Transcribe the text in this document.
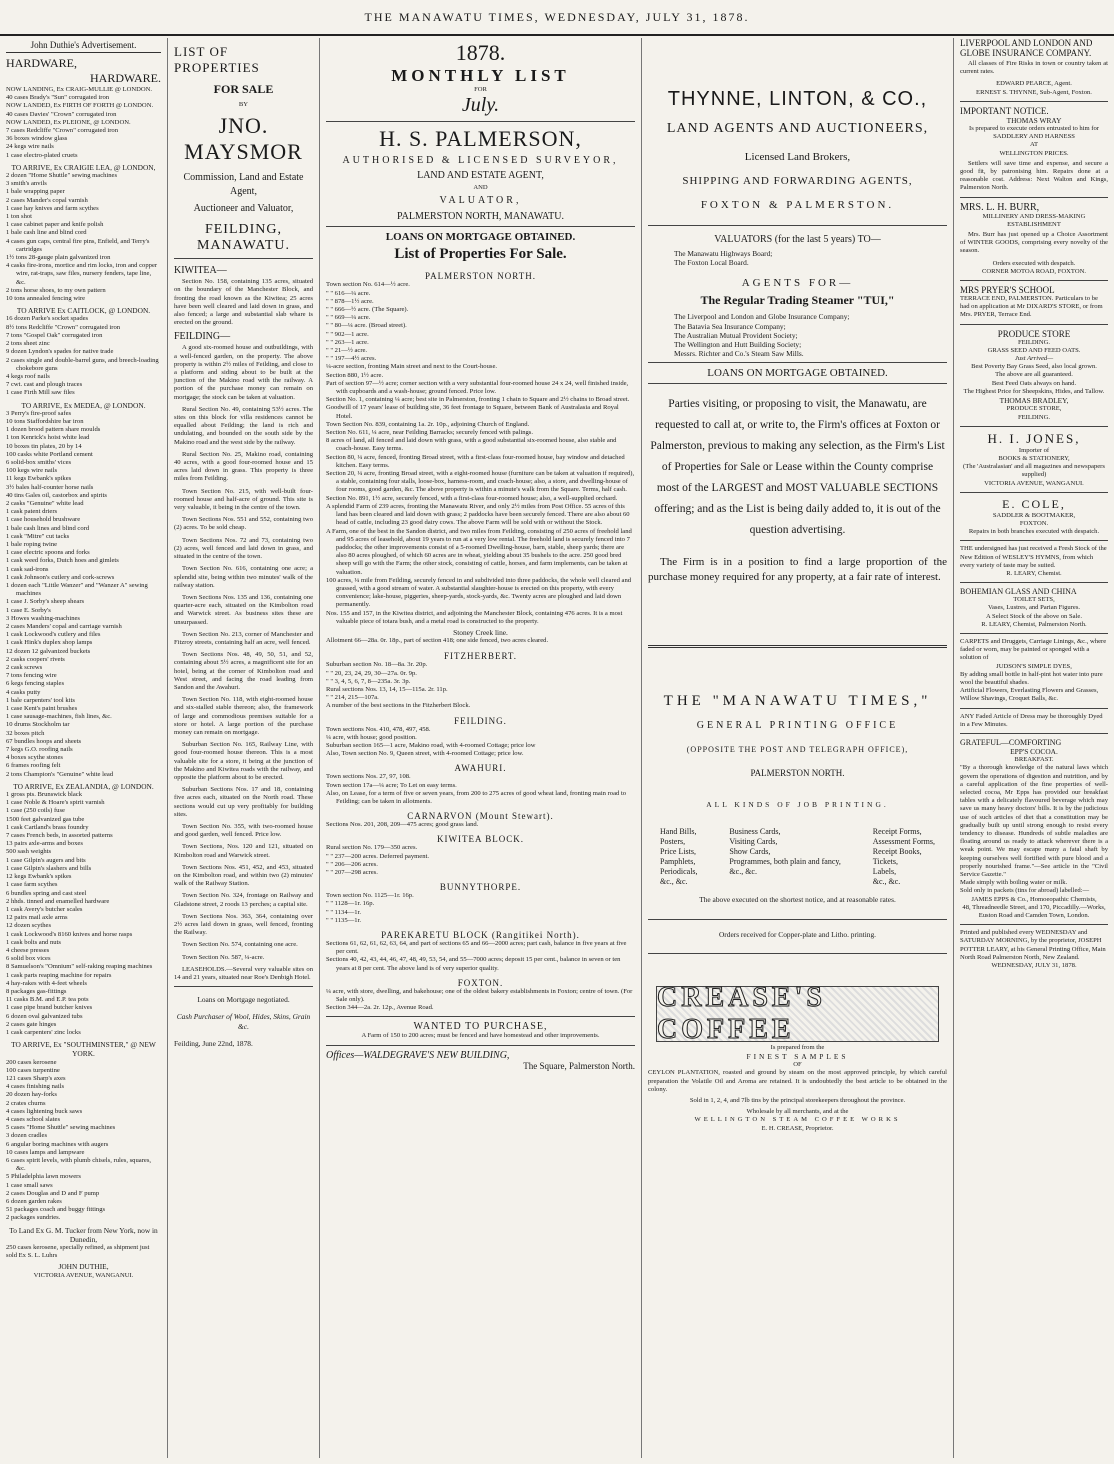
THE MANAWATU TIMES, WEDNESDAY, JULY 31, 1878.
John Duthie's Advertisement.
HARDWARE,
HARDWARE.

NOW LANDING, Ex CRAIG-MULLIE @ LONDON.

40 cases Brady's "Sun" corrugated iron

NOW LANDED, Ex FIRTH OF FORTH @ LONDON.

40 cases Davies' "Crown" corrugated iron

NOW LANDED, Ex PLEIONE, @ LONDON.

7 cases Redcliffe "Crown" corrugated iron

36 boxes window glass

24 kegs wire nails

1 case electro-plated cruets

TO ARRIVE, Ex CRAIGIE LEA, @ LONDON,

2 dozen "Home Shuttle" sewing machines

3 smith's anvils

1 bale wrapping paper

2 cases Mander's copal varnish

1 case hay knives and farm scythes

1 ton shot

1 case cabinet paper and knife polish

1 bale cash line and blind cord

4 cases gun caps, central fire pins, Enfield, and Terry's cartridges

1½ tons 28-gauge plain galvanized iron

4 casks fire-irons, mortice and rim locks, iron and copper wire, rat-traps, saw files, nursery fenders, tape line, &c.

2 tons horse shoes, to my own pattern

10 tons annealed fencing wire

TO ARRIVE Ex CAITLOCK, @ LONDON.

16 dozen Parke's socket spades

8½ tons Redcliffe "Crown" corrugated iron

7 tons "Gospel Oak" corrugated iron

2 tons sheet zinc

9 dozen Lyndon's spades for native trade

2 cases single and double-barrel guns, and breech-loading chokebore guns

4 kegs roof nails

7 cwt. cast and plough traces

1 case Firth Mill saw files

TO ARRIVE, Ex MEDEA, @ LONDON.

3 Perry's fire-proof safes

10 tons Staffordshire bar iron

1 dozen brood pattern share moulds

1 ton Kenrick's hoist white lead

10 boxes tin plates, 20 by 14

100 casks white Portland cement

6 solid-box smiths' vices

100 kegs wire nails

11 kegs Ewbank's spikes

3½ bales half-counter horse nails

40 tins Gales oil, castorbox and spirits

2 casks "Genuine" white lead

1 cask patent driers

1 case household brushware

1 bale cash lines and blind cord

1 cask "Mitre" cut tacks

1 bale roping twine

1 case electric spoons and forks

1 cask weed forks, Dutch hoes and gimlets

1 cask sad-irons

1 cask Johnson's cutlery and cork-screws

1 dozen each "Little Wanzer" and "Wanzer A" sewing machines

1 case J. Sorby's sheep shears

1 case E. Sorby's

3 Howes washing-machines

2 cases Manders' copal and carriage varnish

1 cask Lockwood's cutlery and files

1 cask Hink's duplex shop lamps

12 dozen 12 galvanized buckets

2 casks coopers' rivets

2 cask screws

7 tons fencing wire

6 kegs fencing staples

4 casks putty

1 bale carpenters' tool kits

1 case Kent's paint brushes

1 case sausage-machines, fish lines, &c.

10 drums Stockholm tar

32 boxes pitch

67 bundles hoops and sheets

7 kegs G.O. roofing nails

4 boxes scythe stones

6 frames roofing felt

2 tons Champion's "Genuine" white lead

TO ARRIVE, Ex ZEALANDIA, @ LONDON.

1 gross pts. Brunswick black

1 case Noble & Hoare's spirit varnish

1 case (250 coils) fuse

1500 feet galvanized gas tube

1 cask Cartland's brass foundry

7 cases French beds, in assorted patterns

13 pairs axle-arms and boxes

500 sash weights

1 case Gilpin's augers and bits

1 case Gilpin's slashers and bills

12 kegs Ewbank's spikes

1 case farm scythes

6 bundles spring and cast steel

2 hhds. tinned and enamelled hardware

1 cask Avery's butcher scales

12 pairs mail axle arms

12 dozen scythes

1 cask Lockwood's 8160 knives and horse rasps

1 cask bolts and nuts

4 cheese presses

6 solid box vices

8 Samuelson's "Omnium" self-raking reaping machines

1 cask parts reaping machine for repairs

4 hay-rakes with 4-feet wheels

8 packages gas-fittings

11 casks B.M. and E.P. tea pots

1 case pipe brand butcher knives

6 dozen oval galvanized tubs

2 cases gate hinges

1 cask carpenters' zinc locks

TO ARRIVE, Ex "SOUTHMINSTER," @ NEW YORK.

200 cases kerosene

100 cases turpentine

121 cases Sharp's axes

4 cases finishing nails

20 dozen hay-forks

2 crates churns

4 cases lightening buck saws

4 cases school slates

5 cases "Home Shuttle" sewing machines

3 dozen cradles

6 angular boring machines with augers

10 cases lamps and lampware

6 cases spirit levels, with plumb chisels, rules, squares, &c.

5 Philadelphia lawn mowers

1 case small saws

2 cases Douglas and D and F pump

6 dozen garden rakes

51 packages coach and buggy fittings

2 packages sundries.

To Land Ex G. M. Tucker from New York, now in Dunedin,
250 cases kerosene, specially refined, as shipment just sold Ex S. L. Luhrs
JOHN DUTHIE,
VICTORIA AVENUE, WANGANUI.
LIST OF PROPERTIES
FOR SALE
BY
JNO. MAYSMOR
Commission, Land and Estate Agent,
Auctioneer and Valuator,
FEILDING, MANAWATU.
KIWITEA—

Section No. 158, containing 135 acres, situated on the boundary of the Manchester Block, and fronting the road known as the Kiwitea; 25 acres have been well cleared and laid down in grass, and also fenced; a large and substantial slab whare is erected on the ground.

FEILDING—

A good six-roomed house and outbuildings, with a well-fenced garden, on the property. The above property is within 2½ miles of Feilding, and close to a platform and siding about to be built at the junction of the Makino road with the railway. A portion of the purchase money can remain on mortgage; the stock can be taken at valuation.

Rural Section No. 49, containing 53½ acres. The sites on this block for villa residences cannot be equalled about Feilding; the land is rich and undulating, and bounded on the south side by the Makino road and the west side by the railway.

Rural Section No. 25, Makino road, containing 40 acres, with a good four-roomed house and 15 acres laid down in grass. This property is three miles from Feilding.

Town Section No. 215, with well-built four-roomed house and half-acre of ground. This site is very valuable, it being in the centre of the town.

Town Sections Nos. 551 and 552, containing two (2) acres. To be sold cheap.

Town Sections Nos. 72 and 73, containing two (2) acres, well fenced and laid down in grass, and situated in the centre of the town.

Town Section No. 616, containing one acre; a splendid site, being within two minutes' walk of the railway station.

Town Sections Nos. 135 and 136, containing one quarter-acre each, situated on the Kimbolton road and Warwick street. As business sites these are unsurpassed.

Town Section No. 213, corner of Manchester and Fitzroy streets, containing half an acre, well fenced.

Town Sections Nos. 48, 49, 50, 51, and 52, containing about 5½ acres, a magnificent site for an hotel, being at the corner of Kimbolton road and West street, and facing the road leading from Sandon and the Awahuri.

Town Section No. 118, with eight-roomed house and six-stalled stable thereon; also, the framework of large and commodious premises suitable for a store or hotel. A large portion of the purchase money can remain on mortgage.

Suburban Section No. 165, Railway Line, with good four-roomed house thereon. This is a most valuable site for a store, it being at the junction of the Makino and Kiwitea roads with the railway, and opposite the platform about to be erected.

Suburban Sections Nos. 17 and 18, containing five acres each, situated on the North road. These sections would cut up very profitably for building sites.

Town Section No. 355, with two-roomed house and good garden, well fenced. Price low.

Town Sections, Nos. 120 and 121, situated on Kimbolton road and Warwick street.

Town Sections Nos. 451, 452, and 453, situated on the Kimbolton road, and within two (2) minutes' walk of the Railway Station.

Town Section No. 324, frontage on Railway and Gladstone street, 2 roods 13 perches; a capital site.

Town Sections Nos. 363, 364, containing over 2½ acres laid down in grass, well fenced, fronting the Railway.

Town Section No. 574, containing one acre.

Town Section No. 587, ¼-acre.

LEASEHOLDS.—Several very valuable sites on 14 and 21 years, situated near Roe's Denbigh Hotel.

Loans on Mortgage negotiated.
Cash Purchaser of Wool, Hides, Skins, Grain &c.
Feilding, June 22nd, 1878.
1878.
MONTHLY LIST
FOR
July.
H. S. PALMERSON,
AUTHORISED & LICENSED SURVEYOR,
LAND AND ESTATE AGENT,
AND
VALUATOR,
PALMERSTON NORTH, MANAWATU.
LOANS ON MORTGAGE OBTAINED.
List of Properties For Sale.
PALMERSTON NORTH.

Town section No. 614—½ acre.

" " 616—¼ acre.

" " 878—1½ acre.

" " 666—½ acre. (The Square).

" " 669—¼ acre.

" " 80—¼ acre. (Broad street).

" " 902—1 acre.

" " 263—1 acre.

" " 21—½ acre.

" " 197—4½ acres.

¼-acre section, fronting Main street and next to the Court-house.

Section 880, 1½ acre.

Part of section 97—½ acre; corner section with a very substantial four-roomed house 24 x 24, well finished inside, with cupboards and a wash-house; ground fenced. Price low.

Section No. 1, containing ¼ acre; best site in Palmerston, fronting 1 chain to Square and 2½ chains to Broad street.

Goodwill of 17 years' lease of building site, 36 feet frontage to Square, between Bank of Australasia and Royal Hotel.

Town Section No. 839, containing 1a. 2r. 10p., adjoining Church of England.

Section No. 611, ¼ acre, near Feilding Barracks; securely fenced with palings.

8 acres of land, all fenced and laid down with grass, with a good substantial six-roomed house, also stable and coach-house. Easy terms.

Section 80, ¼ acre, fenced, fronting Broad street, with a first-class four-roomed house, bay window and detached kitchen. Easy terms.

Section 20, ¼ acre, fronting Broad street, with a eight-roomed house (furniture can be taken at valuation if required), a stable, containing four stalls, loose-box, harness-room, and coach-house; also, a store, and dwelling-house of four rooms, good garden, &c. The above property is within a minute's walk from the Square. Terms, half cash.

Section No. 891, 1½ acre, securely fenced, with a first-class four-roomed house; also, a well-supplied orchard.

A splendid Farm of 239 acres, fronting the Manawatu River, and only 2½ miles from Post Office. 55 acres of this land has been cleared and laid down with grass; 2 paddocks have been securely fenced. There are also about 60 head of cattle, including 23 good dairy cows. The above Farm will be sold with or without the Stock.

A Farm, one of the best in the Sandon district, and two miles from Feilding, consisting of 250 acres of freehold land and 95 acres of leasehold, about 19 years to run at a very low rental. The freehold land is securely fenced into 7 paddocks; the other improvements consist of a 5-roomed Dwelling-house, barn, stable, sheep yards; there are also 80 acres ploughed, of which 60 acres are in wheat, yielding about 35 bushels to the acre. 250 good bred sheep will go with the Farm; the other stock, consisting of cattle, horses, and farm implements, can be taken at valuation.

100 acres, ¼ mile from Feilding, securely fenced in and subdivided into three paddocks, the whole well cleared and grassed, with a good stream of water. A substantial slaughter-house is erected on this property, with every convenience; lake-house, piggeries, sheep-yards, stock-yards, &c. Twenty acres are ploughed and laid down permanently.

Nos. 155 and 157, in the Kiwitea district, and adjoining the Manchester Block, containing 476 acres. It is a most valuable piece of totara bush, and a metal road is constructed to the property.

Stoney Creek line.
Allotment 66—28a. 0r. 18p., part of section 418; one side fenced, two acres cleared.
FITZHERBERT.

Suburban section No. 18—8a. 3r. 20p.

" " 20, 23, 24, 29, 30—27a. 0r. 9p.

" " 3, 4, 5, 6, 7, 8—235a. 3r. 3p.

Rural sections Nos. 13, 14, 15—115a. 2r. 11p.

" " 214, 215—107a.

A number of the best sections in the Fitzherbert Block.

FEILDING.

Town sections Nos. 410, 478, 497, 458.

¼ acre, with house; good position.

Suburban section 165—1 acre, Makino road, with 4-roomed Cottage; price low

Also, Town section No. 9, Queen street, with 4-roomed Cottage; price low.

AWAHURI.

Town sections Nos. 27, 97, 108.

Town section 17a—¼ acre; To Let on easy terms.

Also, on Lease, for a term of five or seven years, from 200 to 275 acres of good wheat land, fronting main road to Feilding; can be taken in allotments.

CARNARVON (Mount Stewart).
Sections Nos. 201, 208, 209—475 acres; good grass land.
KIWITEA BLOCK.

Rural section No. 179—350 acres.

" " 237—200 acres. Deferred payment.

" " 206—206 acres.

" " 207—298 acres.

BUNNYTHORPE.

Town section No. 1125—1r. 16p.

" " 1128—1r. 16p.

" " 1134—1r.

" " 1135—1r.

PAREKARETU BLOCK (Rangitikei North).

Sections 61, 62, 61, 62, 63, 64, and part of sections 65 and 66—2000 acres; part cash, balance in five years at five per cent.

Sections 40, 42, 43, 44, 46, 47, 48, 49, 53, 54, and 55—7000 acres; deposit 15 per cent., balance in seven or ten years at 8 per cent. The above land is of very superior quality.

FOXTON.

¼ acre, with store, dwelling, and bakehouse; one of the oldest bakery establishments in Foxton; centre of town. (For Sale only).

Section 344—2a. 2r. 12p., Avenue Road.

WANTED TO PURCHASE,
A Farm of 150 to 200 acres; must be fenced and have homestead and other improvements.
Offices—WALDEGRAVE'S NEW BUILDING,
The Square, Palmerston North.
THYNNE, LINTON, & CO.,
LAND AGENTS AND AUCTIONEERS,
Licensed Land Brokers,
SHIPPING AND FORWARDING AGENTS,
FOXTON & PALMERSTON.
VALUATORS (for the last 5 years) TO—

The Manawatu Highways Board;

The Foxton Local Board.

AGENTS FOR—
The Regular Trading Steamer "TUI,"

The Liverpool and London and Globe Insurance Company;

The Batavia Sea Insurance Company;

The Australian Mutual Provident Society;

The Wellington and Hutt Building Society;

Messrs. Richter and Co.'s Steam Saw Mills.

LOANS ON MORTGAGE OBTAINED.

Parties visiting, or proposing to visit, the Manawatu, are requested to call at, or write to, the Firm's offices at Foxton or Palmerston, previous to making any selection, as the Firm's List of Properties for Sale or Lease within the County comprise most of the LARGEST and MOST VALUABLE SECTIONS offering; and as the List is being daily added to, it is out of the question advertising.

The Firm is in a position to find a large proportion of the purchase money required for any property, at a fair rate of interest.

THE "MANAWATU TIMES,"
GENERAL PRINTING OFFICE
(OPPOSITE THE POST AND TELEGRAPH OFFICE),
PALMERSTON NORTH.
ALL KINDS OF JOB PRINTING.

Hand Bills,

Posters,

Price Lists,

Pamphlets,

Periodicals,

&c., &c.

Business Cards,

Visiting Cards,

Show Cards,

Programmes, both plain and fancy,

&c., &c.

Receipt Forms,

Assessment Forms,

Receipt Books,

Tickets,

Labels,

&c., &c.

The above executed on the shortest notice, and at reasonable rates.
Orders received for Copper-plate and Litho. printing.
CREASE'S COFFEE
Is prepared from the
FINEST SAMPLES
OF
CEYLON PLANTATION, roasted and ground by steam on the most approved principle, by which careful preparation the Volatile Oil and Aroma are retained. It is undoubtedly the best article to be obtained in the colony.
Sold in 1, 2, 4, and 7lb tins by the principal storekeepers throughout the province.
Wholesale by all merchants, and at the
WELLINGTON STEAM COFFEE WORKS
E. H. CREASE, Proprietor.
LIVERPOOL AND LONDON AND GLOBE INSURANCE COMPANY.
All classes of Fire Risks in town or country taken at current rates.
EDWARD PEARCE, Agent.
ERNEST S. THYNNE, Sub-Agent, Foxton.
IMPORTANT NOTICE.
THOMAS WRAY
Is prepared to execute orders entrusted to him for
SADDLERY AND HARNESS
AT
WELLINGTON PRICES.
Settlers will save time and expense, and secure a good fit, by patronising him. Repairs done at a reasonable cost. Address: Next Walton and Kings, Palmerston North.
MRS. L. H. BURR,
MILLINERY AND DRESS-MAKING ESTABLISHMENT
Mrs. Burr has just opened up a Choice Assortment of WINTER GOODS, comprising every novelty of the season.
Orders executed with despatch.
CORNER MOTOA ROAD, FOXTON.
MRS PRYER'S SCHOOL
TERRACE END, PALMERSTON. Particulars to be had on application at Mr DIXARD'S STORE, or from Mrs. PRYER, Terrace End.
PRODUCE STORE
FEILDING.
GRASS SEED AND FEED OATS.
Just Arrived—
Best Poverty Bay Grass Seed, also local grown.
The above are all guaranteed.
Best Feed Oats always on hand.
The Highest Price for Sheepskins, Hides, and Tallow.
THOMAS BRADLEY,
PRODUCE STORE,
FEILDING.
H. I. JONES,
Importer of
BOOKS & STATIONERY,
(The 'Australasian' and all magazines and newspapers supplied)
VICTORIA AVENUE, WANGANUI.
E. COLE,
SADDLER & BOOTMAKER,
FOXTON.
Repairs in both branches executed with despatch.
THE undersigned has just received a Fresh Stock of the New Edition of WESLEY'S HYMNS, from which every variety of taste may be suited.
R. LEARY, Chemist.
BOHEMIAN GLASS AND CHINA
TOILET SETS,
Vases, Lustres, and Parian Figures.
A Select Stock of the above on Sale.
R. LEARY, Chemist, Palmerston North.
CARPETS and Druggets, Carriage Linings, &c., where faded or worn, may be painted or sponged with a solution of
JUDSON'S SIMPLE DYES,
By adding small bottle in half-pint hot water into pure wool the beautiful shades.
Artificial Flowers, Everlasting Flowers and Grasses, Willow Shavings, Croquet Balls, &c.
ANY Faded Article of Dress may be thoroughly Dyed in a Few Minutes.
GRATEFUL—COMFORTING
EPP'S COCOA.
BREAKFAST.
"By a thorough knowledge of the natural laws which govern the operations of digestion and nutrition, and by a careful application of the fine properties of well-selected cocoa, Mr Epps has provided our breakfast tables with a delicately flavoured beverage which may save us many heavy doctors' bills. It is by the judicious use of such articles of diet that a constitution may be gradually built up until strong enough to resist every tendency to disease. Hundreds of subtle maladies are floating around us ready to attack wherever there is a weak point. We may escape many a fatal shaft by keeping ourselves well fortified with pure blood and a properly nourished frame."—See article in the "Civil Service Gazette."
Made simply with boiling water or milk.
Sold only in packets (tins for abroad) labelled:—
JAMES EPPS & Co., Homoeopathic Chemists,
48, Threadneedle Street, and 170, Piccadilly.—Works, Euston Road and Camden Town, London.
Printed and published every WEDNESDAY and SATURDAY MORNING, by the proprietor, JOSEPH POTTER LEARY, at his General Printing Office, Main North Road Palmerston North, New Zealand.
WEDNESDAY, JULY 31, 1878.
